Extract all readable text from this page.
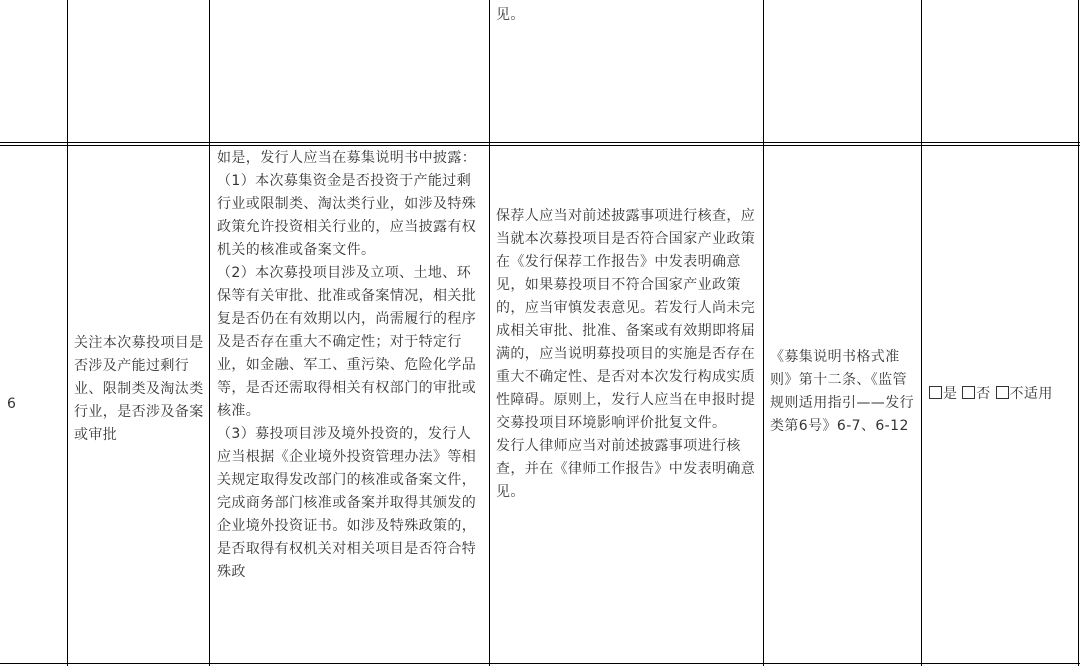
见。
6
关注本次募投项目是否涉及产能过剩行业、限制类及淘汰类行业，是否涉及备案或审批

如是，发行人应当在募集说明书中披露：

（1）本次募集资金是否投资于产能过剩行业或限制类、淘汰类行业，如涉及特殊政策允许投资相关行业的，应当披露有权机关的核准或备案文件。

（2）本次募投项目涉及立项、土地、环保等有关审批、批准或备案情况，相关批复是否仍在有效期以内，尚需履行的程序及是否存在重大不确定性；对于特定行业，如金融、军工、重污染、危险化学品等，是否还需取得相关有权部门的审批或核准。

（3）募投项目涉及境外投资的，发行人应当根据《企业境外投资管理办法》等相关规定取得发改部门的核准或备案文件，完成商务部门核准或备案并取得其颁发的企业境外投资证书。如涉及特殊政策的，是否取得有权机关对相关项目是否符合特殊政

保荐人应当对前述披露事项进行核查，应当就本次募投项目是否符合国家产业政策在《发行保荐工作报告》中发表明确意见，如果募投项目不符合国家产业政策的，应当审慎发表意见。若发行人尚未完成相关审批、批准、备案或有效期即将届满的，应当说明募投项目的实施是否存在重大不确定性、是否对本次发行构成实质性障碍。原则上，发行人应当在申报时提交募投项目环境影响评价批复文件。

发行人律师应当对前述披露事项进行核查，并在《律师工作报告》中发表明确意见。

《募集说明书格式准则》第十二条、《监管规则适用指引——发行类第6号》6-7、6-12
是 否 不适用
